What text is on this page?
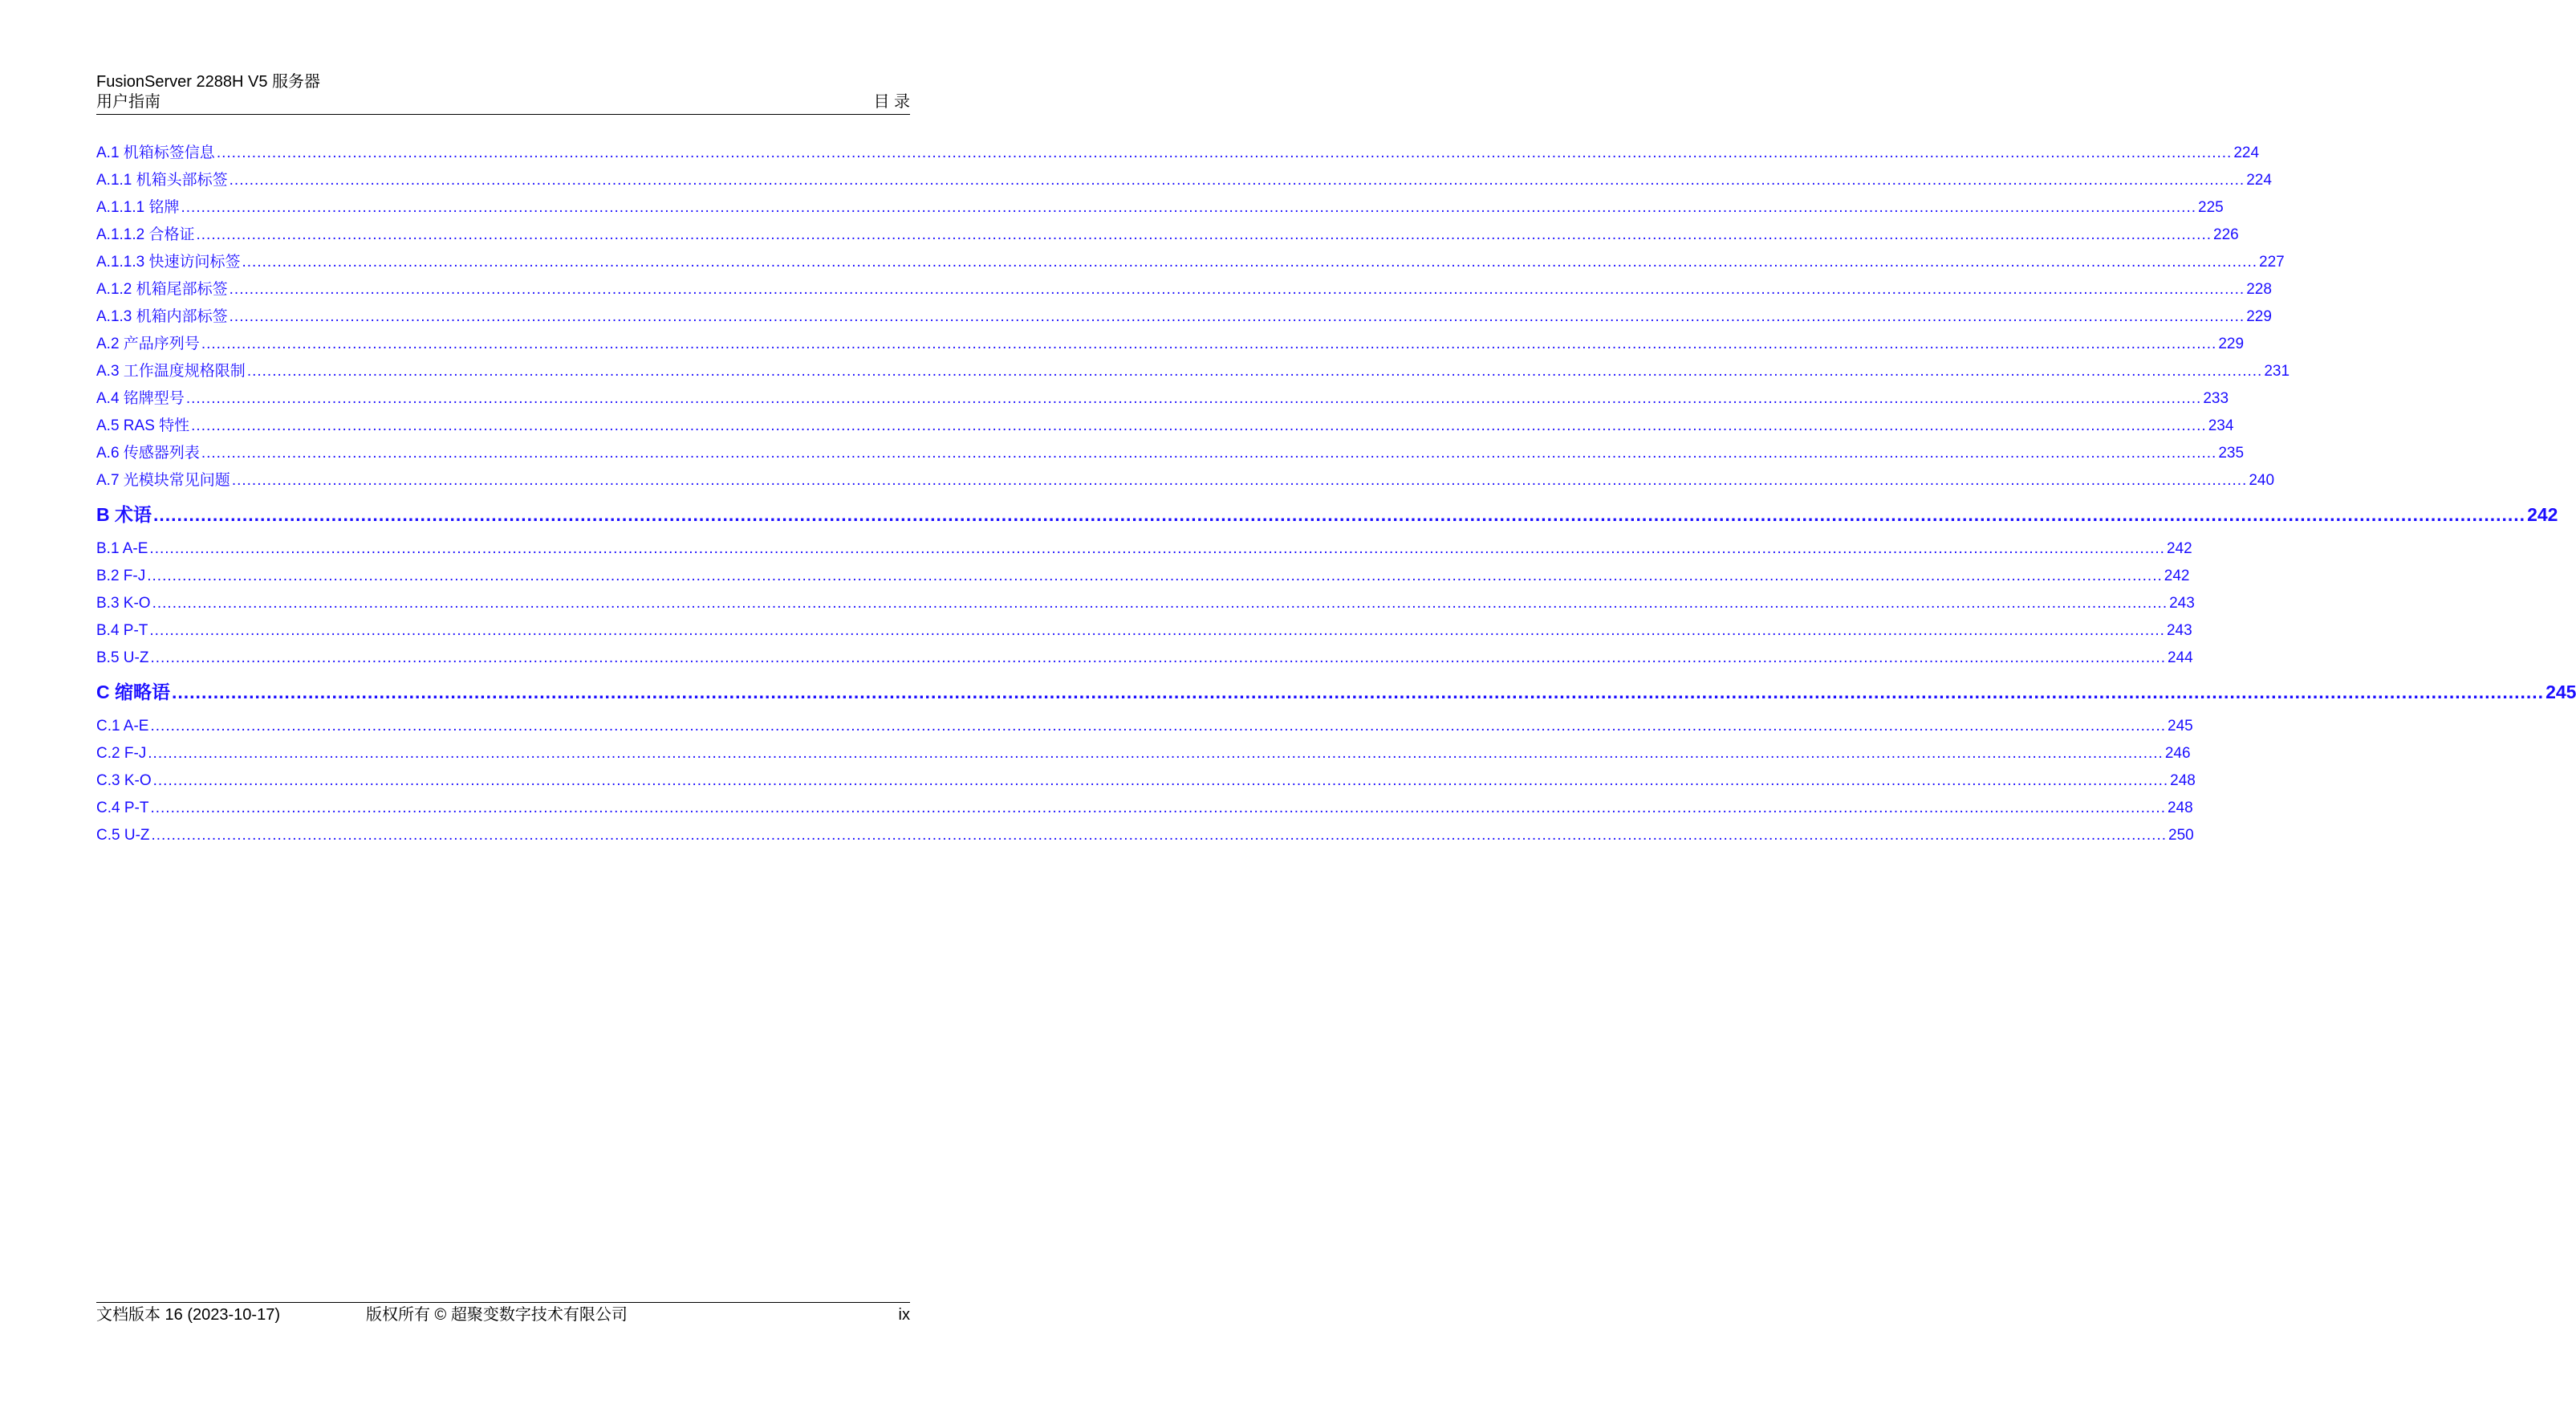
FusionServer 2288H V5 服务器
用户指南	目 录
A.1 机箱标签信息 ................................................................................................................................................................................................................................................................................................................................................................................................................ 224
A.1.1 机箱头部标签 ................................................................................................................................................................................................................................................................................................................................................................................................................ 224
A.1.1.1 铭牌 ................................................................................................................................................................................................................................................................................................................................................................................................................ 225
A.1.1.2 合格证 ................................................................................................................................................................................................................................................................................................................................................................................................................ 226
A.1.1.3 快速访问标签 ................................................................................................................................................................................................................................................................................................................................................................................................................ 227
A.1.2 机箱尾部标签 ................................................................................................................................................................................................................................................................................................................................................................................................................ 228
A.1.3 机箱内部标签 ................................................................................................................................................................................................................................................................................................................................................................................................................ 229
A.2 产品序列号 ................................................................................................................................................................................................................................................................................................................................................................................................................ 229
A.3 工作温度规格限制 ................................................................................................................................................................................................................................................................................................................................................................................................................ 231
A.4 铭牌型号 ................................................................................................................................................................................................................................................................................................................................................................................................................ 233
A.5 RAS 特性 ................................................................................................................................................................................................................................................................................................................................................................................................................ 234
A.6 传感器列表 ................................................................................................................................................................................................................................................................................................................................................................................................................ 235
A.7 光模块常见问题 ................................................................................................................................................................................................................................................................................................................................................................................................................ 240
B 术语 ................................................................................................................................................................................................................................................................................................................................................................................................................ 242
B.1 A-E ................................................................................................................................................................................................................................................................................................................................................................................................................ 242
B.2 F-J ................................................................................................................................................................................................................................................................................................................................................................................................................ 242
B.3 K-O ................................................................................................................................................................................................................................................................................................................................................................................................................ 243
B.4 P-T ................................................................................................................................................................................................................................................................................................................................................................................................................ 243
B.5 U-Z ................................................................................................................................................................................................................................................................................................................................................................................................................ 244
C 缩略语 ................................................................................................................................................................................................................................................................................................................................................................................................................ 245
C.1 A-E ................................................................................................................................................................................................................................................................................................................................................................................................................ 245
C.2 F-J ................................................................................................................................................................................................................................................................................................................................................................................................................ 246
C.3 K-O ................................................................................................................................................................................................................................................................................................................................................................................................................ 248
C.4 P-T ................................................................................................................................................................................................................................................................................................................................................................................................................ 248
C.5 U-Z ................................................................................................................................................................................................................................................................................................................................................................................................................ 250
文档版本 16 (2023-10-17)	版权所有 © 超聚变数字技术有限公司	ix
